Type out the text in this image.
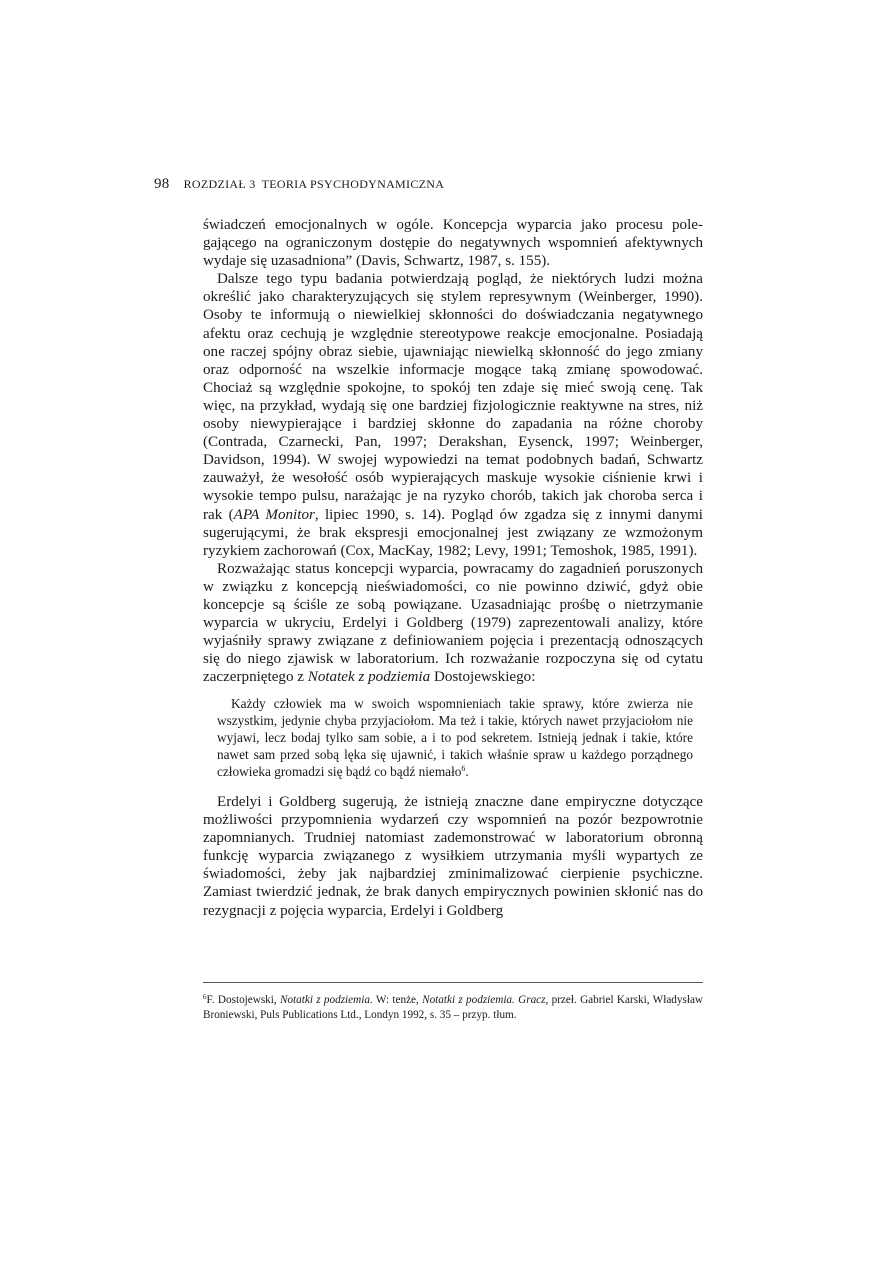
98 ROZDZIAŁ 3 TEORIA PSYCHODYNAMICZNA

świadczeń emocjonalnych w ogóle. Koncepcja wyparcia jako procesu polegającego na ograniczonym dostępie do negatywnych wspomnień afektywnych wydaje się uzasadniona” (Davis, Schwartz, 1987, s. 155).

Dalsze tego typu badania potwierdzają pogląd, że niektórych ludzi można określić jako charakteryzujących się stylem represywnym (Weinberger, 1990). Osoby te informują o niewielkiej skłonności do doświadczania negatywnego afektu oraz cechują je względnie stereotypowe reakcje emocjonalne. Posiadają one raczej spójny obraz siebie, ujawniając niewielką skłonność do jego zmiany oraz odporność na wszelkie informacje mogące taką zmianę spowodować. Chociaż są względnie spokojne, to spokój ten zdaje się mieć swoją cenę. Tak więc, na przykład, wydają się one bardziej fizjologicznie reaktywne na stres, niż osoby niewypierające i bardziej skłonne do zapadania na różne choroby (Contrada, Czarnecki, Pan, 1997; Derakshan, Eysenck, 1997; Weinberger, Davidson, 1994). W swojej wypowiedzi na temat podobnych badań, Schwartz zauważył, że wesołość osób wypierających maskuje wysokie ciśnienie krwi i wysokie tempo pulsu, narażając je na ryzyko chorób, takich jak choroba serca i rak (APA Monitor, lipiec 1990, s. 14). Pogląd ów zgadza się z innymi danymi sugerującymi, że brak ekspresji emocjonalnej jest związany ze wzmożonym ryzykiem zachorowań (Cox, MacKay, 1982; Levy, 1991; Temoshok, 1985, 1991).

Rozważając status koncepcji wyparcia, powracamy do zagadnień poruszonych w związku z koncepcją nieświadomości, co nie powinno dziwić, gdyż obie koncepcje są ściśle ze sobą powiązane. Uzasadniając prośbę o nietrzymanie wyparcia w ukryciu, Erdelyi i Goldberg (1979) zaprezentowali analizy, które wyjaśniły sprawy związane z definiowaniem pojęcia i prezentacją odnoszących się do niego zjawisk w laboratorium. Ich rozważanie rozpoczyna się od cytatu zaczerpniętego z Notatek z podziemia Dostojewskiego:

Każdy człowiek ma w swoich wspomnieniach takie sprawy, które zwierza nie wszystkim, jedynie chyba przyjaciołom. Ma też i takie, których nawet przyjaciołom nie wyjawi, lecz bodaj tylko sam sobie, a i to pod sekretem. Istnieją jednak i takie, które nawet sam przed sobą lęka się ujawnić, i takich właśnie spraw u każdego porządnego człowieka gromadzi się bądź co bądź niemało$^6$.

Erdelyi i Goldberg sugerują, że istnieją znaczne dane empiryczne dotyczące możliwości przypomnienia wydarzeń czy wspomnień na pozór bezpowrotnie zapomnianych. Trudniej natomiast zademonstrować w laboratorium obronną funkcję wyparcia związanego z wysiłkiem utrzymania myśli wypartych ze świadomości, żeby jak najbardziej zminimalizować cierpienie psychiczne. Zamiast twierdzić jednak, że brak danych empirycznych powinien skłonić nas do rezygnacji z pojęcia wyparcia, Erdelyi i Goldberg

$^6$F. Dostojewski, Notatki z podziemia. W: tenże, Notatki z podziemia. Gracz, przeł. Gabriel Karski, Władysław Broniewski, Puls Publications Ltd., Londyn 1992, s. 35 – przyp. tłum.
